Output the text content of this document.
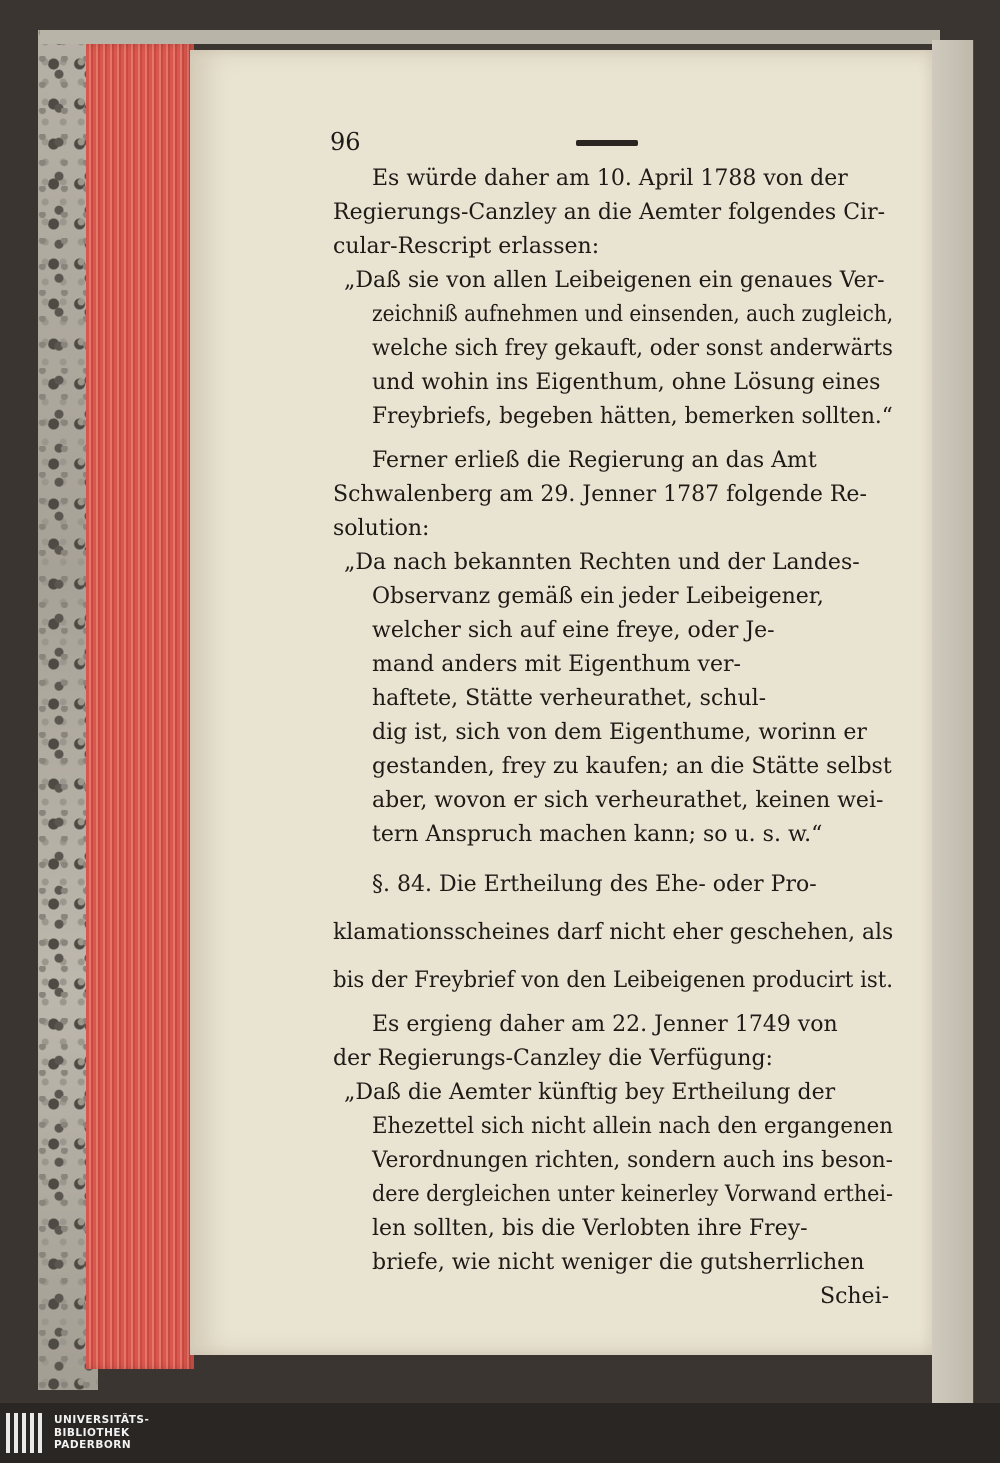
96
Es würde daher am 10. April 1788 von der
Regierungs-Canzley an die Aemter folgendes Cir-
cular-Rescript erlassen:
„Daß sie von allen Leibeigenen ein genaues Ver-
zeichniß aufnehmen und einsenden, auch zugleich,
welche sich frey gekauft, oder sonst anderwärts
und wohin ins Eigenthum, ohne Lösung eines
Freybriefs, begeben hätten, bemerken sollten.“
Ferner erließ die Regierung an das Amt
Schwalenberg am 29. Jenner 1787 folgende Re-
solution:
„Da nach bekannten Rechten und der Landes-
Observanz gemäß ein jeder Leibeigener,
welcher sich auf eine freye, oder Je-
mand anders mit Eigenthum ver-
haftete, Stätte verheurathet, schul-
dig ist, sich von dem Eigenthume, worinn er
gestanden, frey zu kaufen; an die Stätte selbst
aber, wovon er sich verheurathet, keinen wei-
tern Anspruch machen kann; so u. s. w.“
§. 84. Die Ertheilung des Ehe- oder Pro-
klamationsscheines darf nicht eher geschehen, als
bis der Freybrief von den Leibeigenen producirt ist.
Es ergieng daher am 22. Jenner 1749 von
der Regierungs-Canzley die Verfügung:
„Daß die Aemter künftig bey Ertheilung der
Ehezettel sich nicht allein nach den ergangenen
Verordnungen richten, sondern auch ins beson-
dere dergleichen unter keinerley Vorwand erthei-
len sollten, bis die Verlobten ihre Frey-
briefe, wie nicht weniger die gutsherrlichen
Schei-
UNIVERSITÄTS-
BIBLIOTHEK
PADERBORN
